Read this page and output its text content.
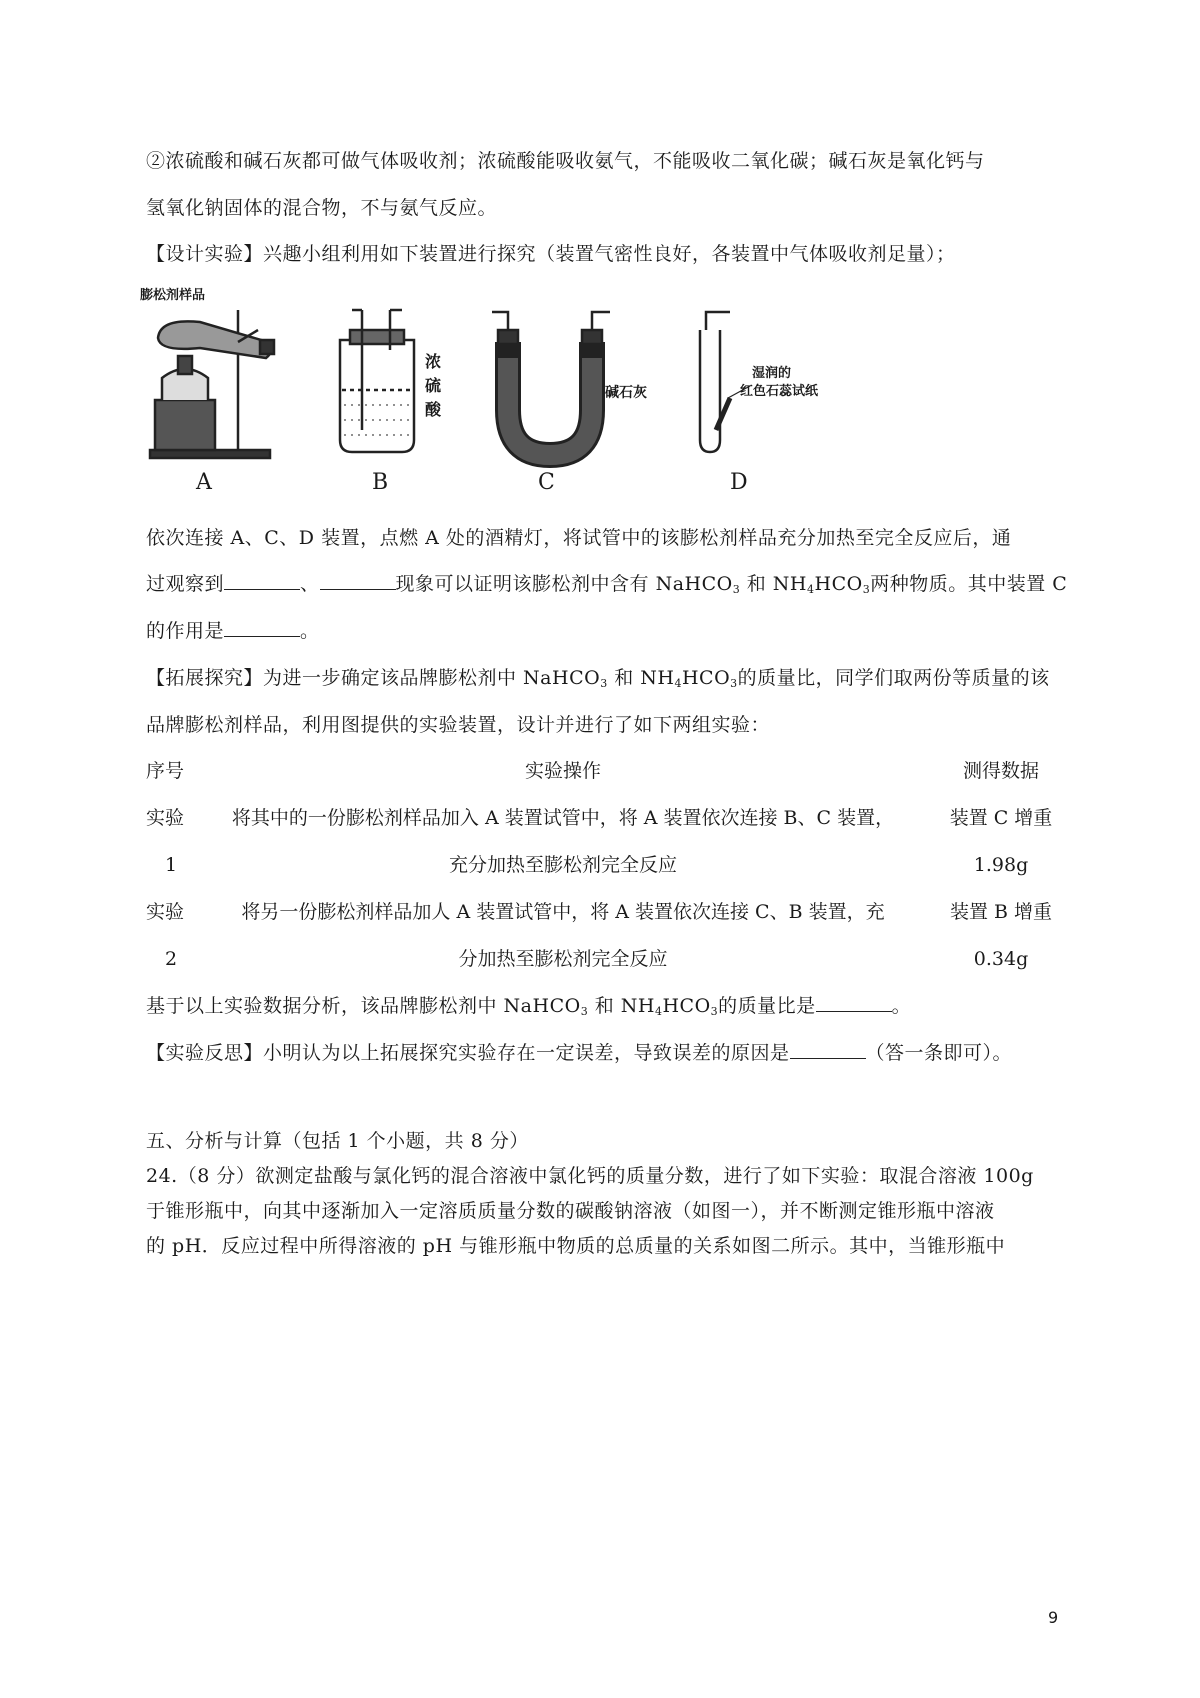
②浓硫酸和碱石灰都可做气体吸收剂；浓硫酸能吸收氨气，不能吸收二氧化碳；碱石灰是氧化钙与
氢氧化钠固体的混合物，不与氨气反应。
【设计实验】兴趣小组利用如下装置进行探究（装置气密性良好，各装置中气体吸收剂足量）；
膨松剂样品
浓硫酸
碱石灰
湿润的
红色石蕊试纸
A	B	C	D
依次连接 A、C、D 装置，点燃 A 处的酒精灯，将试管中的该膨松剂样品充分加热至完全反应后，通
过观察到	、	现象可以证明该膨松剂中含有 NaHCO$_3$ 和 $NH_4HCO_3$两种物质。其中装置 C
的作用是	。
【拓展探究】为进一步确定该品牌膨松剂中 NaHCO$_3$ 和 $NH_4HCO_3$的质量比，同学们取两份等质量的该
品牌膨松剂样品，利用图提供的实验装置，设计并进行了如下两组实验：
序号	实验操作	测得数据
实验	将其中的一份膨松剂样品加入 A 装置试管中，将 A 装置依次连接 B、C 装置，	装置 C 增重
1	充分加热至膨松剂完全反应	1.98g
实验	将另一份膨松剂样品加人 A 装置试管中，将 A 装置依次连接 C、B 装置，充	装置 B 增重
2	分加热至膨松剂完全反应	0.34g
基于以上实验数据分析，该品牌膨松剂中 NaHCO$_3$ 和 $NH_4HCO_3$的质量比是	。
【实验反思】小明认为以上拓展探究实验存在一定误差，导致误差的原因是	（答一条即可）。
五、分析与计算（包括 1 个小题，共 8 分）
24.（8 分）欲测定盐酸与氯化钙的混合溶液中氯化钙的质量分数，进行了如下实验：取混合溶液 100g
于锥形瓶中，向其中逐渐加入一定溶质质量分数的碳酸钠溶液（如图一），并不断测定锥形瓶中溶液
的 pH．反应过程中所得溶液的 pH 与锥形瓶中物质的总质量的关系如图二所示。其中，当锥形瓶中
9
